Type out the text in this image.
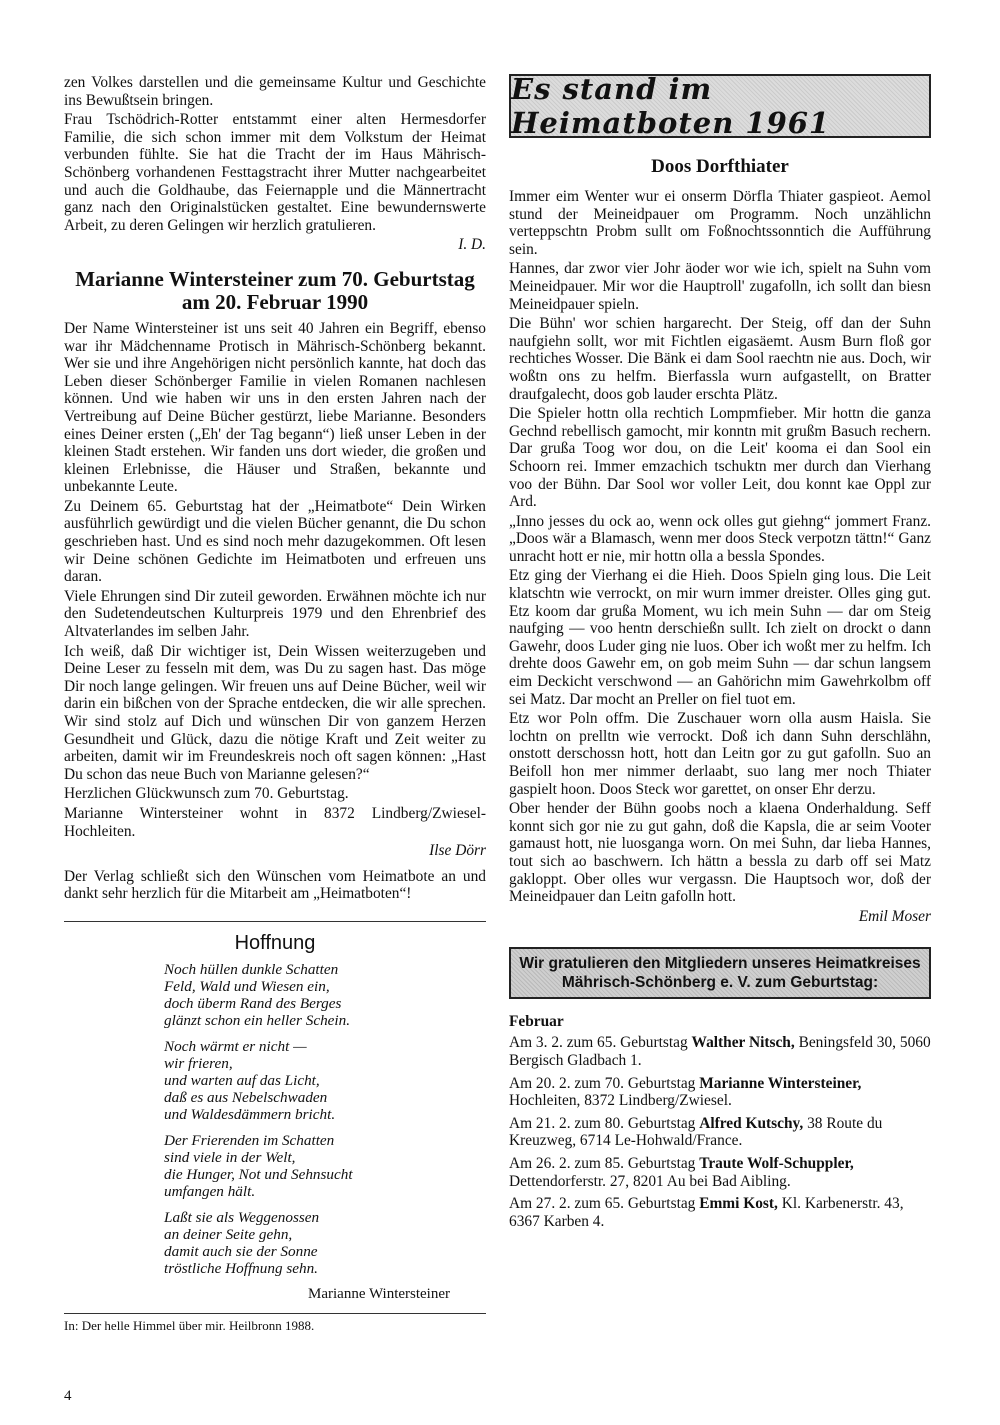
zen Volkes darstellen und die gemeinsame Kultur und Geschichte ins Bewußtsein bringen.

Frau Tschödrich-Rotter entstammt einer alten Hermesdorfer Familie, die sich schon immer mit dem Volkstum der Heimat verbunden fühlte. Sie hat die Tracht der im Haus Mährisch-Schönberg vorhandenen Festtagstracht ihrer Mutter nachgearbeitet und auch die Goldhaube, das Feiernapple und die Männertracht ganz nach den Originalstücken gestaltet. Eine bewundernswerte Arbeit, zu deren Gelingen wir herzlich gratulieren.

I. D.

Marianne Wintersteiner zum 70. Geburtstag
am 20. Februar 1990

Der Name Wintersteiner ist uns seit 40 Jahren ein Begriff, ebenso war ihr Mädchenname Protisch in Mährisch-Schönberg bekannt. Wer sie und ihre Angehörigen nicht persönlich kannte, hat doch das Leben dieser Schönberger Familie in vielen Romanen nachlesen können. Und wie haben wir uns in den ersten Jahren nach der Vertreibung auf Deine Bücher gestürzt, liebe Marianne. Besonders eines Deiner ersten („Eh' der Tag begann“) ließ unser Leben in der kleinen Stadt erstehen. Wir fanden uns dort wieder, die großen und kleinen Erlebnisse, die Häuser und Straßen, bekannte und unbekannte Leute.

Zu Deinem 65. Geburtstag hat der „Heimatbote“ Dein Wirken ausführlich gewürdigt und die vielen Bücher genannt, die Du schon geschrieben hast. Und es sind noch mehr dazugekommen. Oft lesen wir Deine schönen Gedichte im Heimatboten und erfreuen uns daran.

Viele Ehrungen sind Dir zuteil geworden. Erwähnen möchte ich nur den Sudetendeutschen Kulturpreis 1979 und den Ehrenbrief des Altvaterlandes im selben Jahr.

Ich weiß, daß Dir wichtiger ist, Dein Wissen weiterzugeben und Deine Leser zu fesseln mit dem, was Du zu sagen hast. Das möge Dir noch lange gelingen. Wir freuen uns auf Deine Bücher, weil wir darin ein bißchen von der Sprache entdecken, die wir alle sprechen. Wir sind stolz auf Dich und wünschen Dir von ganzem Herzen Gesundheit und Glück, dazu die nötige Kraft und Zeit weiter zu arbeiten, damit wir im Freundeskreis noch oft sagen können: „Hast Du schon das neue Buch von Marianne gelesen?“

Herzlichen Glückwunsch zum 70. Geburtstag.

Marianne Wintersteiner wohnt in 8372 Lindberg/Zwiesel-Hochleiten.

Ilse Dörr

Der Verlag schließt sich den Wünschen vom Heimatbote an und dankt sehr herzlich für die Mitarbeit am „Heimatboten“!

Hoffnung
Noch hüllen dunkle Schatten
Feld, Wald und Wiesen ein,
doch überm Rand des Berges
glänzt schon ein heller Schein.
Noch wärmt er nicht —
wir frieren,
und warten auf das Licht,
daß es aus Nebelschwaden
und Waldesdämmern bricht.
Der Frierenden im Schatten
sind viele in der Welt,
die Hunger, Not und Sehnsucht
umfangen hält.
Laßt sie als Weggenossen
an deiner Seite gehn,
damit auch sie der Sonne
tröstliche Hoffnung sehn.
Marianne Wintersteiner
In: Der helle Himmel über mir. Heilbronn 1988.
Es stand im Heimatboten 1961
Doos Dorfthiater

Immer eim Wenter wur ei onserm Dörfla Thiater gaspieot. Aemol stund der Meineidpauer om Programm. Noch unzählichn verteppschtn Probm sullt om Foßnochtssonntich die Aufführung sein.

Hannes, dar zwor vier Johr äoder wor wie ich, spielt na Suhn vom Meineidpauer. Mir wor die Hauptroll' zugafolln, ich sollt dan biesn Meineidpauer spieln.

Die Bühn' wor schien hargarecht. Der Steig, off dan der Suhn naufgiehn sollt, wor mit Fichtlen eigasäemt. Ausm Burn floß gor rechtiches Wosser. Die Bänk ei dam Sool raechtn nie aus. Doch, wir woßtn ons zu helfm. Bierfassla wurn aufgastellt, on Bratter draufgalecht, doos gob lauder erschta Plätz.

Die Spieler hottn olla rechtich Lompmfieber. Mir hottn die ganza Gechnd rebellisch gamocht, mir konntn mit grußm Basuch rechern. Dar grußa Toog wor dou, on die Leit' kooma ei dan Sool ein Schoorn rei. Immer emzachich tschuktn mer durch dan Vierhang voo der Bühn. Dar Sool wor voller Leit, dou konnt kae Oppl zur Ard.

„Inno jesses du ock ao, wenn ock olles gut giehng“ jommert Franz. „Doos wär a Blamasch, wenn mer doos Steck verpotzn tättn!“ Ganz unracht hott er nie, mir hottn olla a bessla Spondes.

Etz ging der Vierhang ei die Hieh. Doos Spieln ging lous. Die Leit klatschtn wie verrockt, on mir wurn immer dreister. Olles ging gut. Etz koom dar grußa Moment, wu ich mein Suhn — dar om Steig naufging — voo hentn derschießn sullt. Ich zielt on drockt o dann Gawehr, doos Luder ging nie luos. Ober ich woßt mer zu helfm. Ich drehte doos Gawehr em, on gob meim Suhn — dar schun langsem eim Deckicht verschwond — an Gahörichn mim Gawehrkolbm off sei Matz. Dar mocht an Preller on fiel tuot em.

Etz wor Poln offm. Die Zuschauer worn olla ausm Haisla. Sie lochtn on prelltn wie verrockt. Doß ich dann Suhn derschlähn, onstott derschossn hott, hott dan Leitn gor zu gut gafolln. Suo an Beifoll hon mer nimmer derlaabt, suo lang mer noch Thiater gaspielt hoon. Doos Steck wor garettet, on onser Ehr derzu.

Ober hender der Bühn goobs noch a klaena Onderhaldung. Seff konnt sich gor nie zu gut gahn, doß die Kapsla, die ar seim Vooter gamaust hott, nie luosganga worn. On mei Suhn, dar lieba Hannes, tout sich ao baschwern. Ich hättn a bessla zu darb off sei Matz gakloppt. Ober olles wur vergassn. Die Hauptsoch wor, doß der Meineidpauer dan Leitn gafolln hott.

Emil Moser

Wir gratulieren den Mitgliedern unseres Heimatkreises
Mährisch-Schönberg e. V. zum Geburtstag:
Februar

Am 3. 2. zum 65. Geburtstag Walther Nitsch, Beningsfeld 30, 5060 Bergisch Gladbach 1.

Am 20. 2. zum 70. Geburtstag Marianne Wintersteiner, Hochleiten, 8372 Lindberg/Zwiesel.

Am 21. 2. zum 80. Geburtstag Alfred Kutschy, 38 Route du Kreuzweg, 6714 Le-Hohwald/France.

Am 26. 2. zum 85. Geburtstag Traute Wolf-Schuppler, Dettendorferstr. 27, 8201 Au bei Bad Aibling.

Am 27. 2. zum 65. Geburtstag Emmi Kost, Kl. Karbenerstr. 43, 6367 Karben 4.

4
